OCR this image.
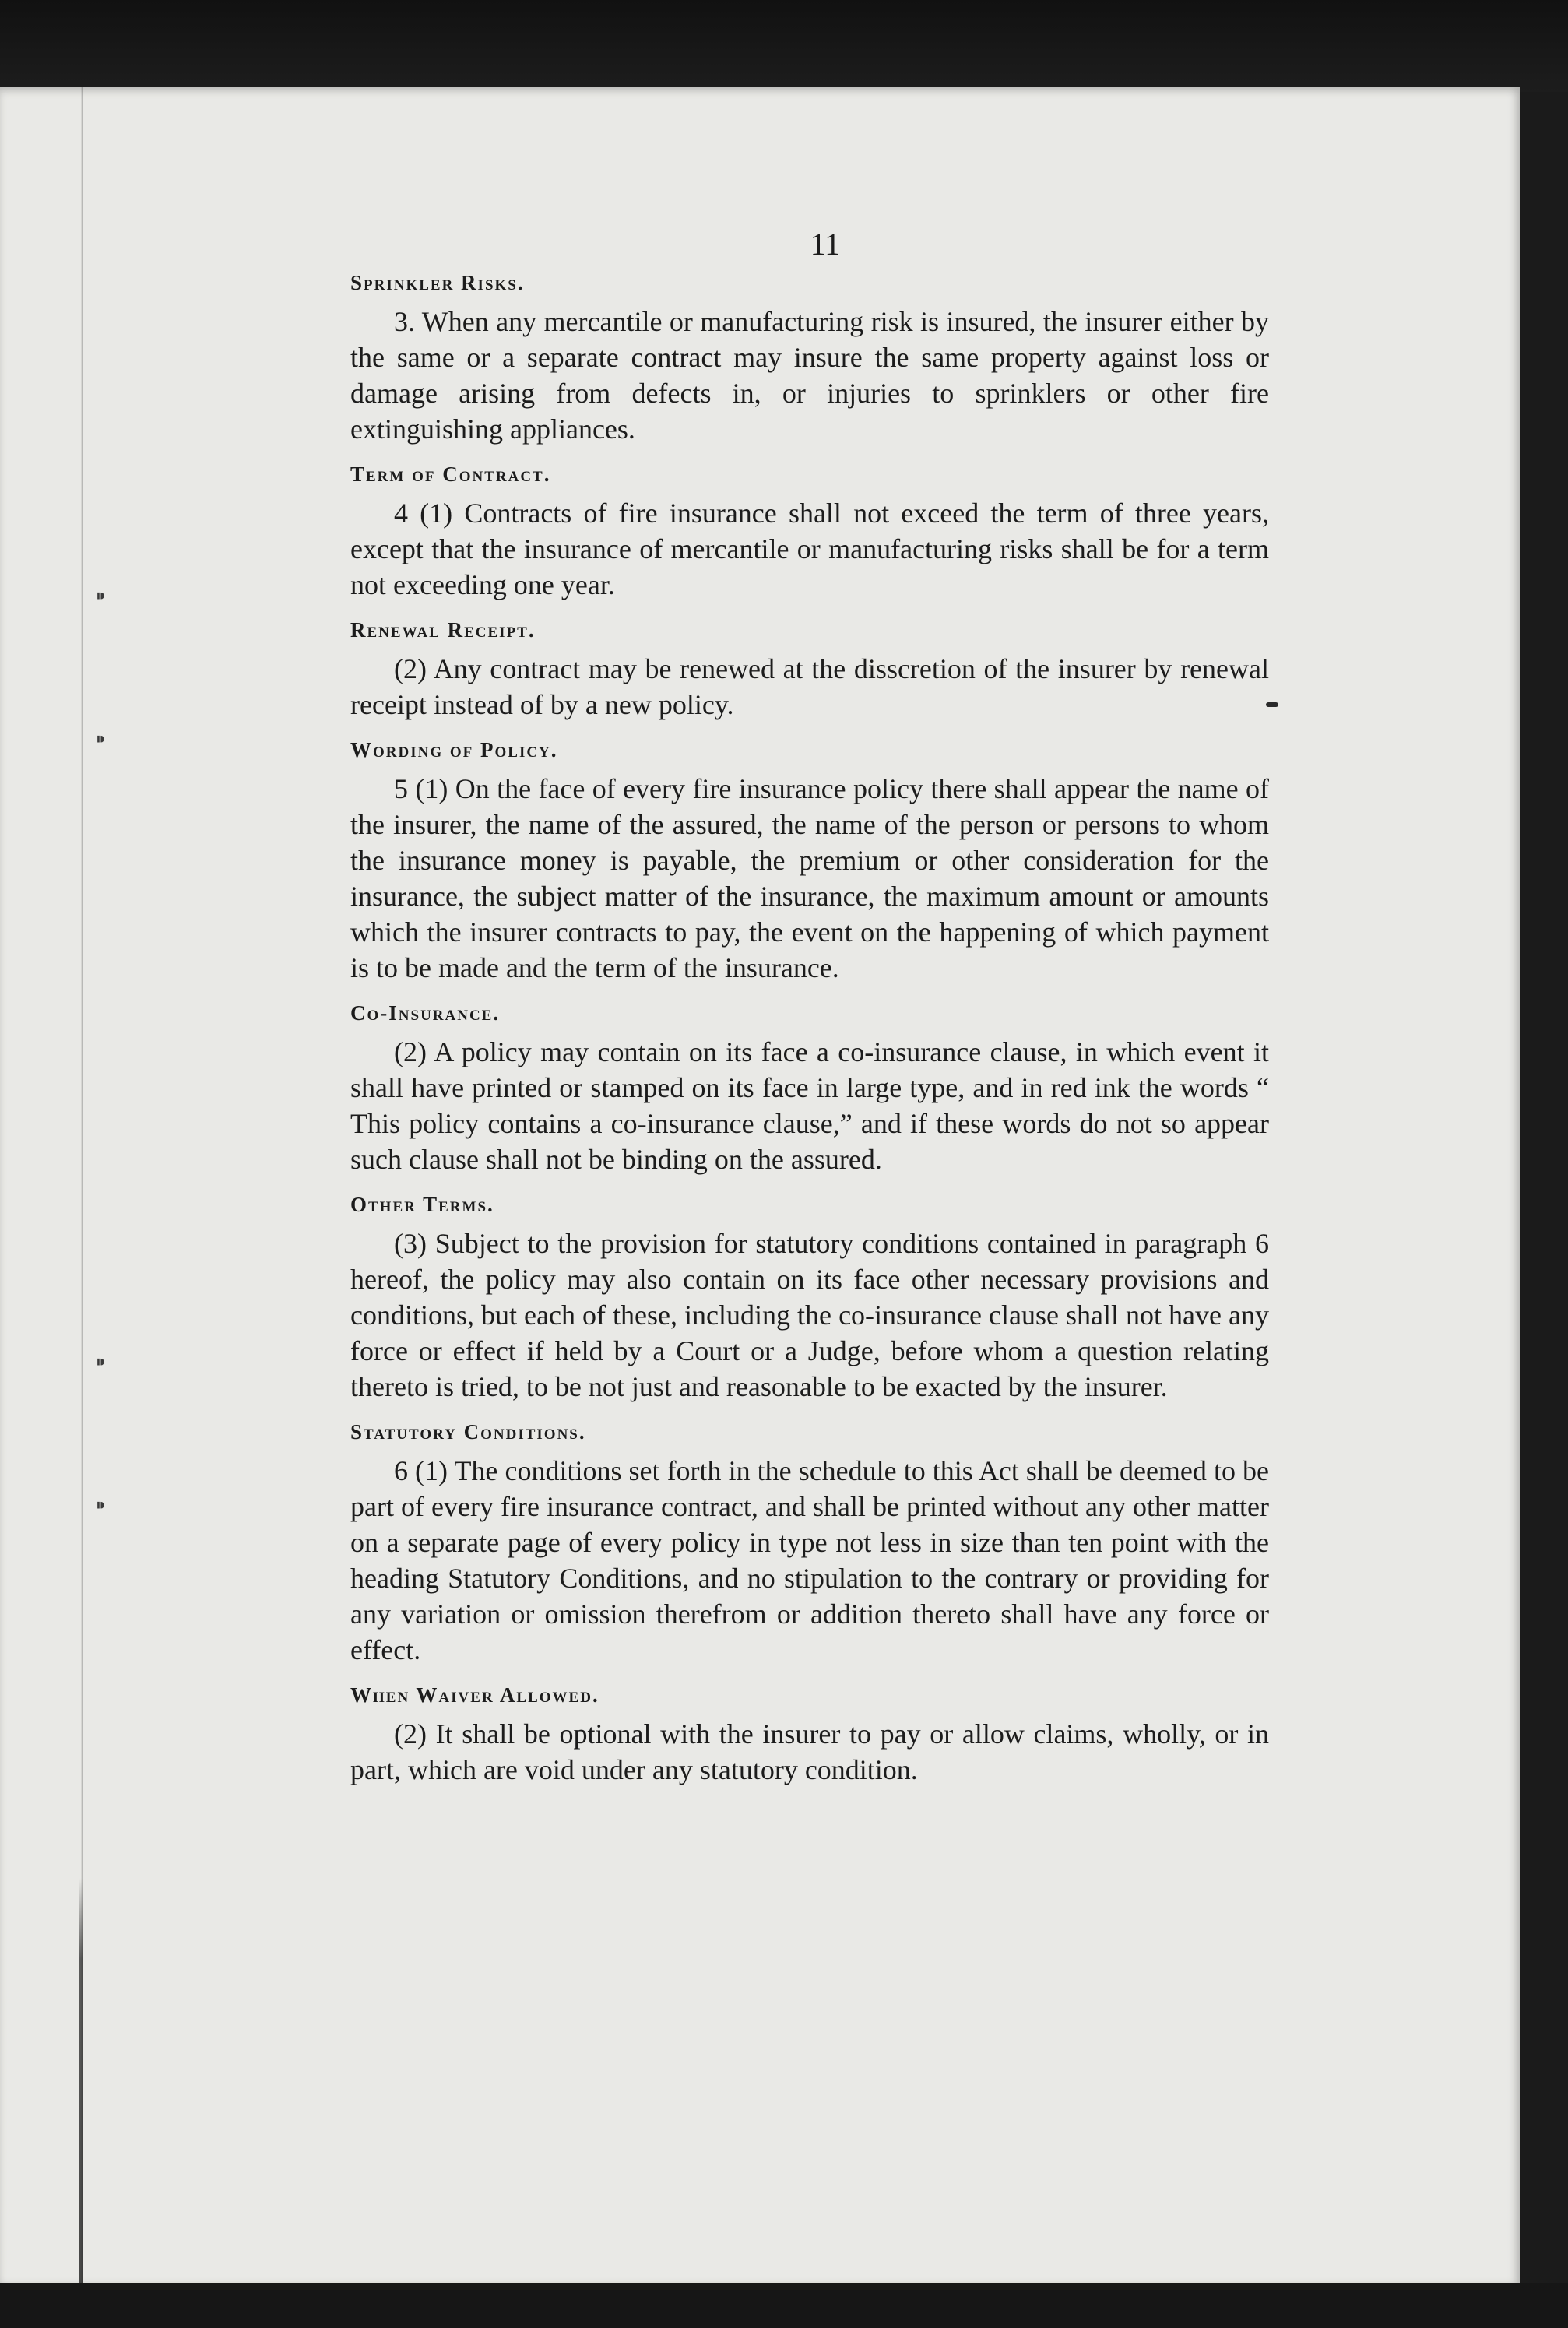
⁍
⁍
⁍
⁍
11
Sprinkler Risks.

3. When any mercantile or manufacturing risk is insured, the insurer either by the same or a separate contract may insure the same property against loss or damage arising from defects in, or injuries to sprinklers or other fire extinguishing appliances.

Term of Contract.

4 (1) Contracts of fire insurance shall not exceed the term of three years, except that the insurance of mercantile or manufacturing risks shall be for a term not exceeding one year.

Renewal Receipt.

(2) Any contract may be renewed at the disscretion of the insurer by renewal receipt instead of by a new policy.

Wording of Policy.

5 (1) On the face of every fire insurance policy there shall appear the name of the insurer, the name of the assured, the name of the person or persons to whom the insurance money is payable, the premium or other consideration for the insurance, the subject matter of the insurance, the maximum amount or amounts which the insurer contracts to pay, the event on the happening of which payment is to be made and the term of the insurance.

Co-Insurance.

(2) A policy may contain on its face a co-insurance clause, in which event it shall have printed or stamped on its face in large type, and in red ink the words “ This policy contains a co-insurance clause,” and if these words do not so appear such clause shall not be binding on the assured.

Other Terms.

(3) Subject to the provision for statutory conditions contained in paragraph 6 hereof, the policy may also contain on its face other necessary provisions and conditions, but each of these, including the co-insurance clause shall not have any force or effect if held by a Court or a Judge, before whom a question relating thereto is tried, to be not just and reasonable to be exacted by the insurer.

Statutory Conditions.

6 (1) The conditions set forth in the schedule to this Act shall be deemed to be part of every fire insurance contract, and shall be printed without any other matter on a separate page of every policy in type not less in size than ten point with the heading Statutory Conditions, and no stipulation to the contrary or providing for any variation or omission therefrom or addition thereto shall have any force or effect.

When Waiver Allowed.

(2) It shall be optional with the insurer to pay or allow claims, wholly, or in part, which are void under any statutory condition.
